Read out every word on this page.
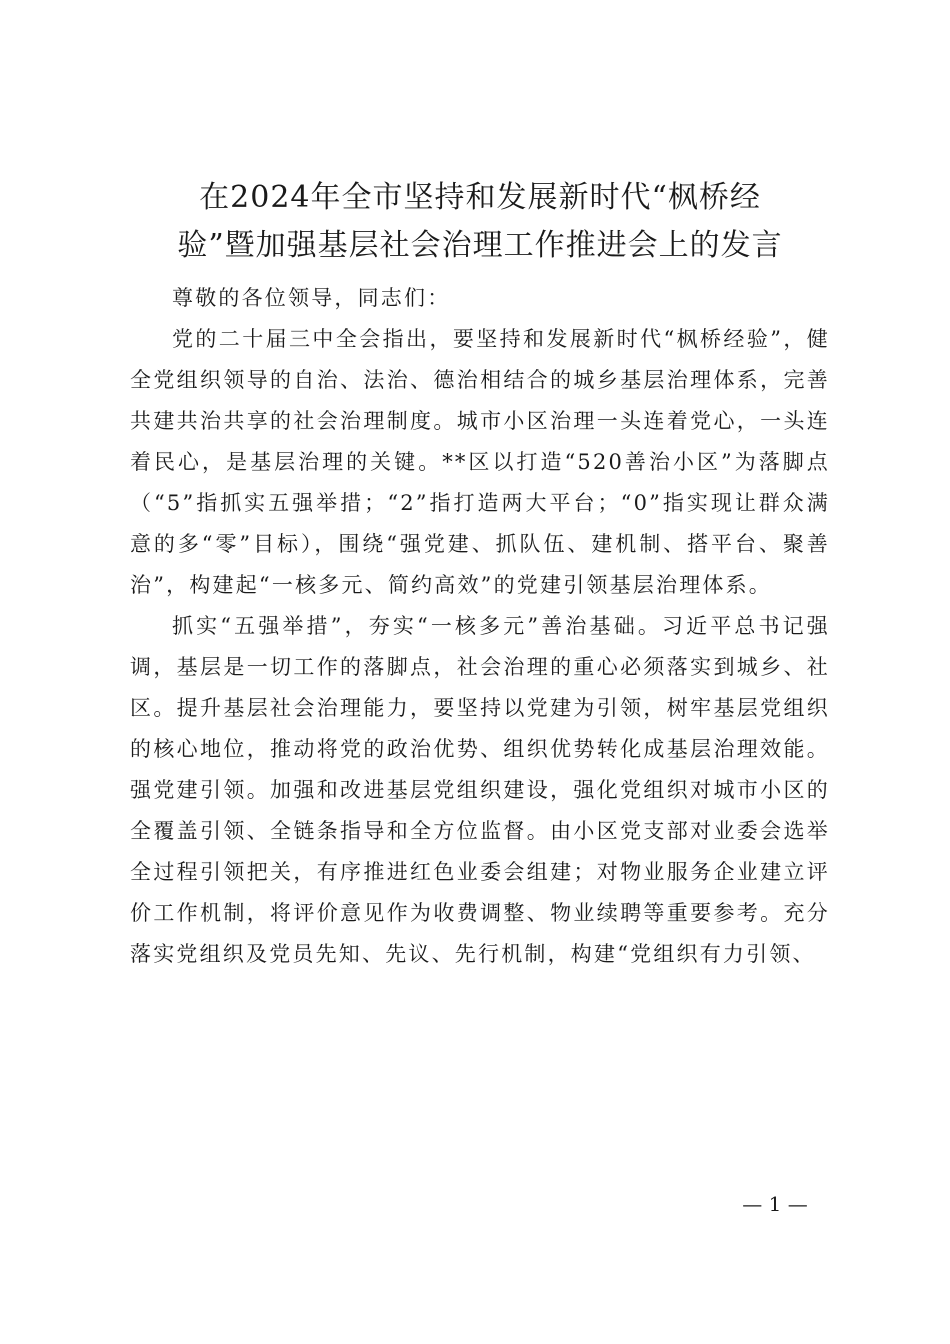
在2024年全市坚持和发展新时代“枫桥经
验”暨加强基层社会治理工作推进会上的发言

尊敬的各位领导，同志们：

党的二十届三中全会指出，要坚持和发展新时代“枫桥经验”，健全党组织领导的自治、法治、德治相结合的城乡基层治理体系，完善共建共治共享的社会治理制度。城市小区治理一头连着党心，一头连着民心，是基层治理的关键。**区以打造“520善治小区”为落脚点（“5”指抓实五强举措；“2”指打造两大平台；“0”指实现让群众满意的多“零”目标），围绕“强党建、抓队伍、建机制、搭平台、聚善治”，构建起“一核多元、简约高效”的党建引领基层治理体系。

抓实“五强举措”，夯实“一核多元”善治基础。习近平总书记强调，基层是一切工作的落脚点，社会治理的重心必须落实到城乡、社区。提升基层社会治理能力，要坚持以党建为引领，树牢基层党组织的核心地位，推动将党的政治优势、组织优势转化成基层治理效能。强党建引领。加强和改进基层党组织建设，强化党组织对城市小区的全覆盖引领、全链条指导和全方位监督。由小区党支部对业委会选举全过程引领把关，有序推进红色业委会组建；对物业服务企业建立评价工作机制，将评价意见作为收费调整、物业续聘等重要参考。充分落实党组织及党员先知、先议、先行机制，构建“党组织有力引领、

— 1 —
